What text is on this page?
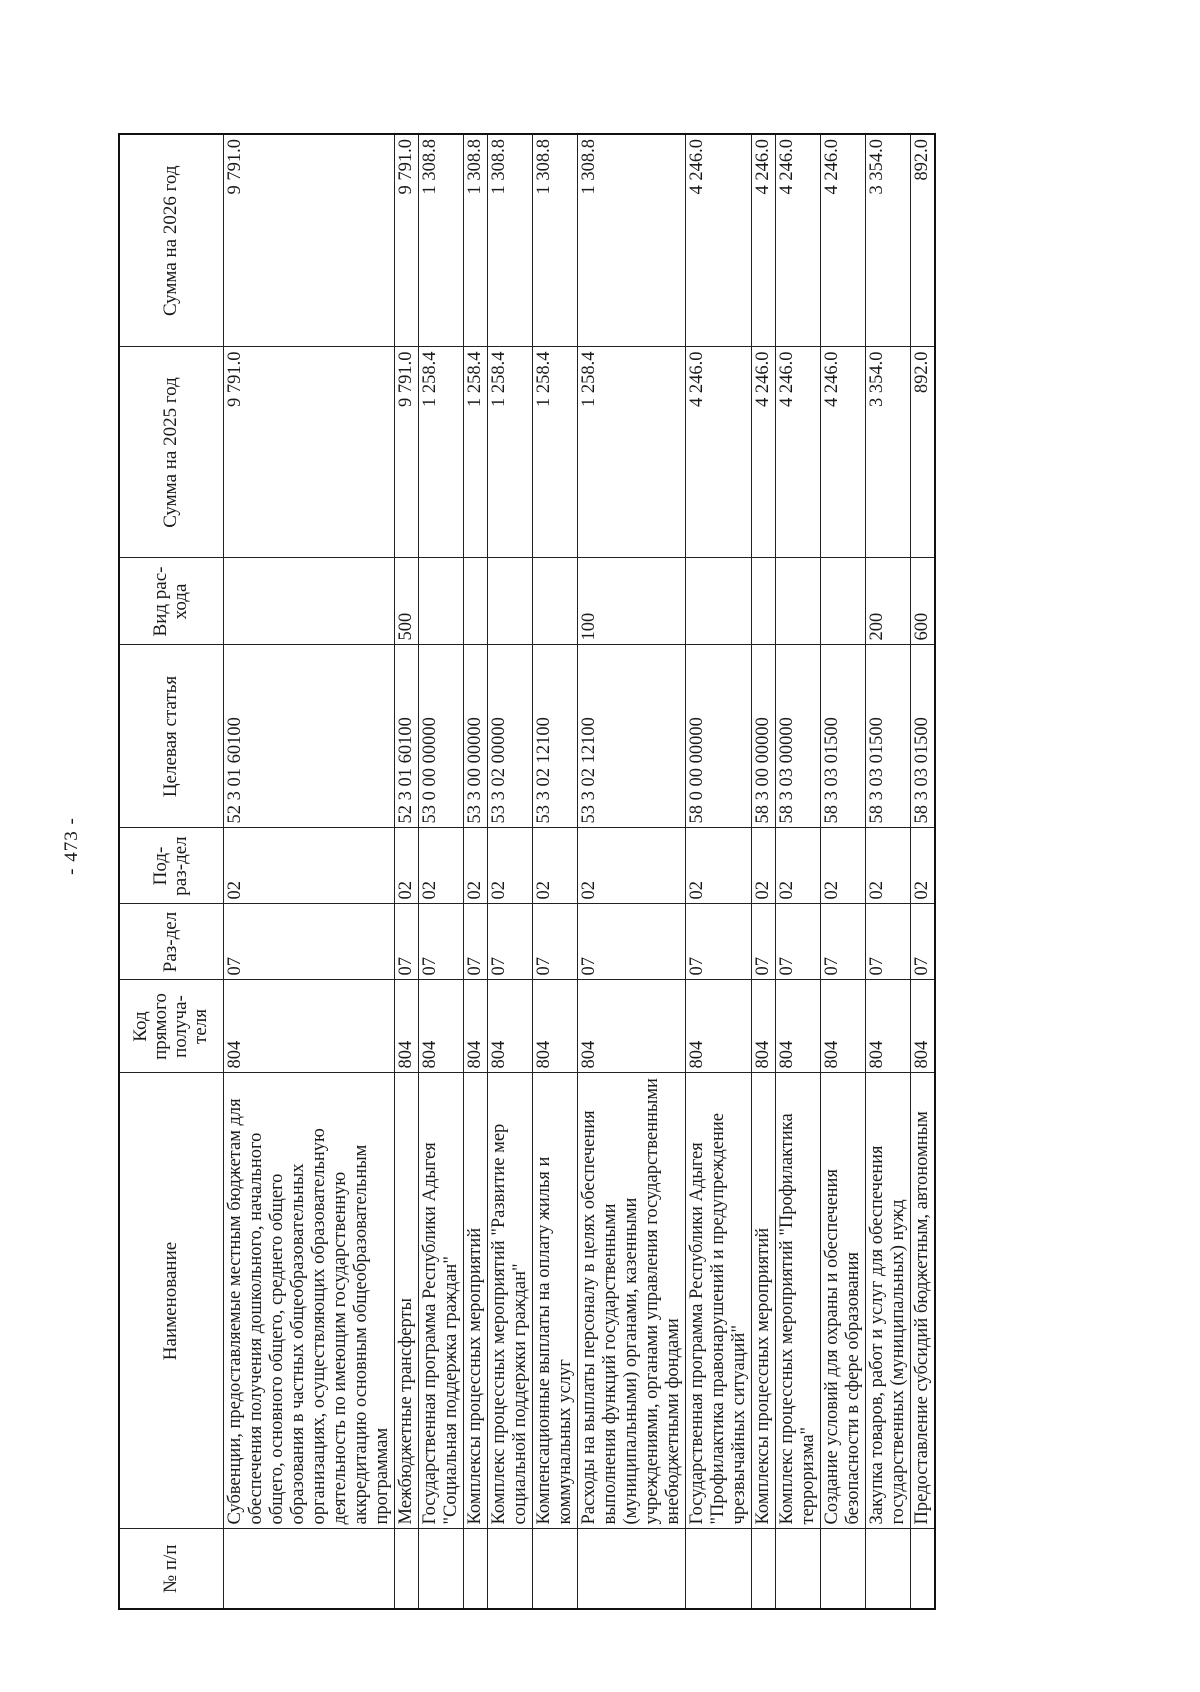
- 473 -
№ п/п	Наименование	Код прямого получа-теля	Раз-дел	Под-раз-дел	Целевая статья	Вид рас-хода	Сумма на 2025 год	Сумма на 2026 год
	Субвенции, предоставляемые местным бюджетам для обеспечения получения дошкольного, начального общего, основного общего, среднего общего образования в частных общеобразовательных организациях, осуществляющих образовательную деятельность по имеющим государственную аккредитацию основным общеобразовательным программам	804	07	02	52 3 01 60100		9 791.0	9 791.0
	Межбюджетные трансферты	804	07	02	52 3 01 60100	500	9 791.0	9 791.0
	Государственная программа Республики Адыгея "Социальная поддержка граждан"	804	07	02	53 0 00 00000		1 258.4	1 308.8
	Комплексы процессных мероприятий	804	07	02	53 3 00 00000		1 258.4	1 308.8
	Комплекс процессных мероприятий "Развитие мер социальной поддержки граждан"	804	07	02	53 3 02 00000		1 258.4	1 308.8
	Компенсационные выплаты на оплату жилья и коммунальных услуг	804	07	02	53 3 02 12100		1 258.4	1 308.8
	Расходы на выплаты персоналу в целях обеспечения выполнения функций государственными (муниципальными) органами, казенными учреждениями, органами управления государственными внебюджетными фондами	804	07	02	53 3 02 12100	100	1 258.4	1 308.8
	Государственная программа Республики Адыгея "Профилактика правонарушений и предупреждение чрезвычайных ситуаций"	804	07	02	58 0 00 00000		4 246.0	4 246.0
	Комплексы процессных мероприятий	804	07	02	58 3 00 00000		4 246.0	4 246.0
	Комплекс процессных мероприятий "Профилактика терроризма"	804	07	02	58 3 03 00000		4 246.0	4 246.0
	Создание условий для охраны и обеспечения безопасности в сфере образования	804	07	02	58 3 03 01500		4 246.0	4 246.0
	Закупка товаров, работ и услуг для обеспечения государственных (муниципальных) нужд	804	07	02	58 3 03 01500	200	3 354.0	3 354.0
	Предоставление субсидий бюджетным, автономным	804	07	02	58 3 03 01500	600	892.0	892.0
